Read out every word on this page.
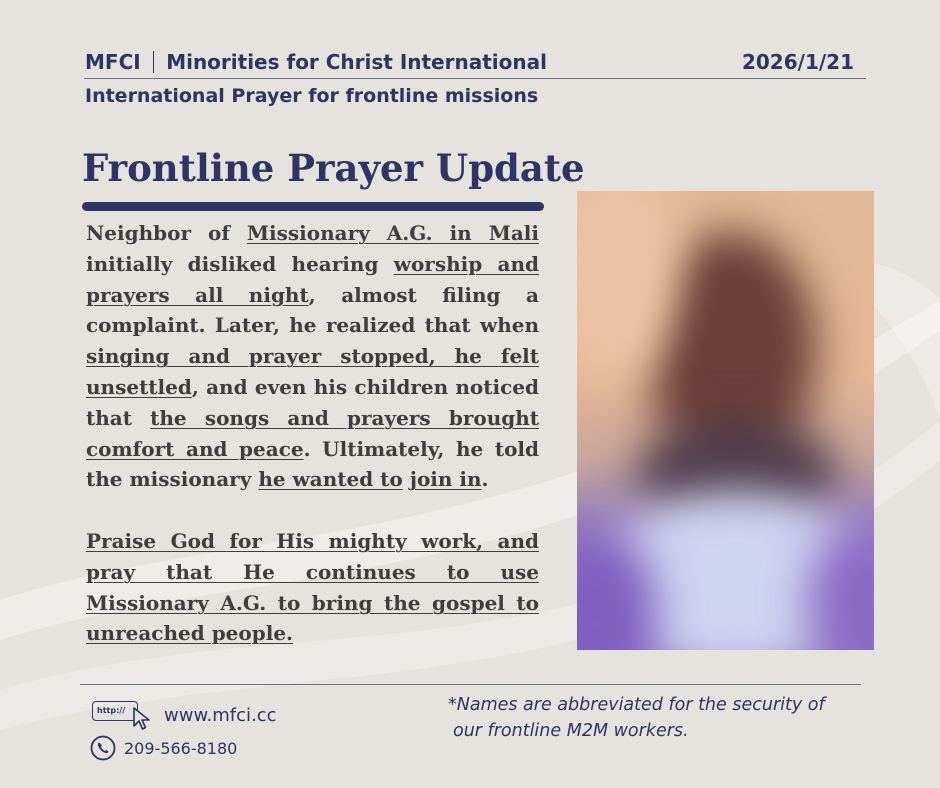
MFCI Minorities for Christ International	2026/1/21
International Prayer for frontline missions
Frontline Prayer Update

Neighbor of Missionary A.G. in Mali initially disliked hearing worship and prayers all night, almost filing a complaint. Later, he realized that when singing and prayer stopped, he felt unsettled, and even his children noticed that the songs and prayers brought comfort and peace. Ultimately, he told the missionary he wanted to join in.

Praise God for His mighty work, and pray that He continues to use Missionary A.G. to bring the gospel to unreached people.

http://	www.mfci.cc
209-566-8180
*Names are abbreviated for the security of
our frontline M2M workers.
